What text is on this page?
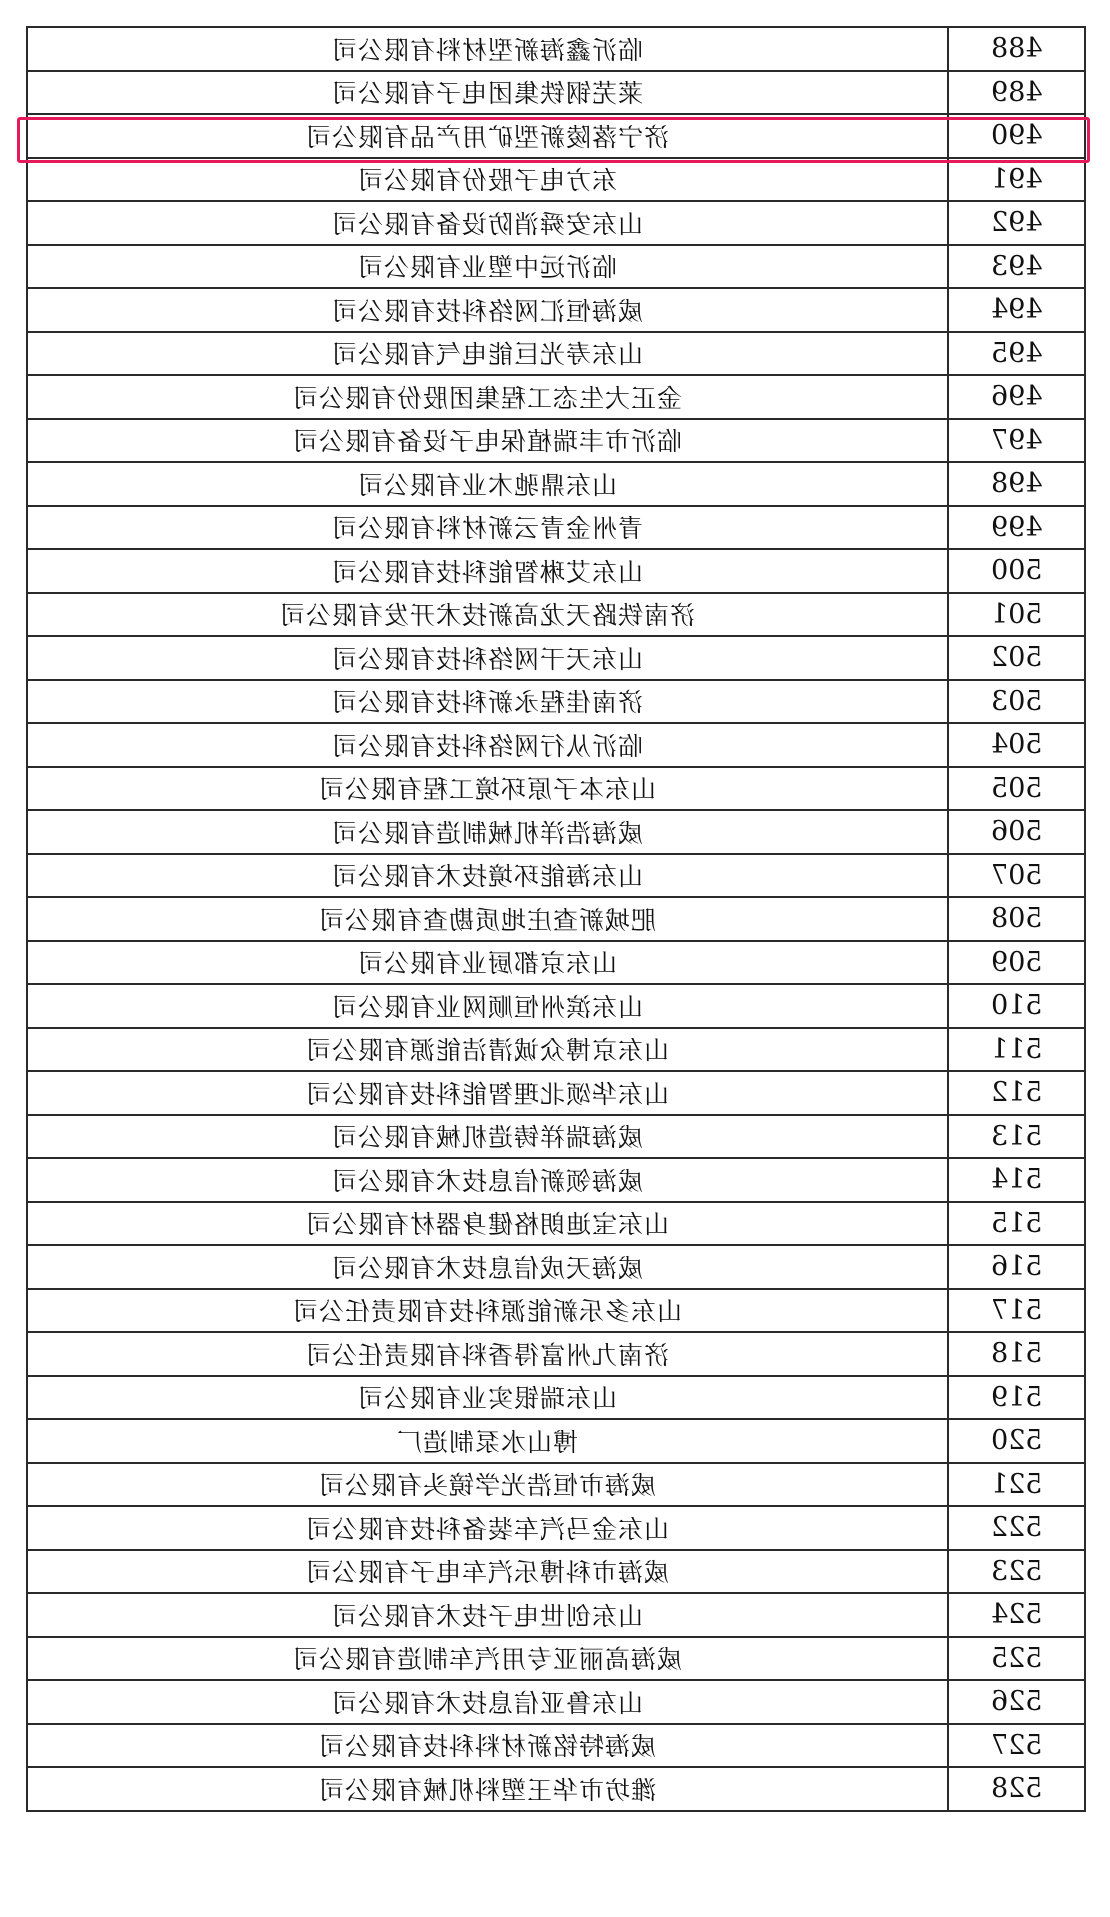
临沂鑫海新型材料有限公司	488
莱芜钢铁集团电子有限公司	489
济宁落陵新型矿用产品有限公司	490
东方电子股份有限公司	491
山东安舜消防设备有限公司	492
临沂远中塑业有限公司	493
威海恒汇网络科技有限公司	494
山东寿光巨能电气有限公司	495
金正大生态工程集团股份有限公司	496
临沂市丰瑞植保电子设备有限公司	497
山东鼎驰木业有限公司	498
青州金青云新材料有限公司	499
山东艾琳智能科技有限公司	500
济南铁路天龙高新技术开发有限公司	501
山东天干网络科技有限公司	502
济南佳程永新科技有限公司	503
临沂从行网络科技有限公司	504
山东本子原环境工程有限公司	505
威海浩洋机械制造有限公司	506
山东海能环境技术有限公司	507
肥城新查庄地质勘查有限公司	508
山东京都厨业有限公司	509
山东滨州恒顺网业有限公司	510
山东京博众诚清洁能源有限公司	511
山东华颂北理智能科技有限公司	512
威海瑞祥铸造机械有限公司	513
威海领新信息技术有限公司	514
山东宝迪朗格健身器材有限公司	515
威海天成信息技术有限公司	516
山东多乐新能源科技有限责任公司	517
济南九州富得香料有限责任公司	518
山东瑞银实业有限公司	519
博山水泵制造厂	520
威海市恒浩光学镜头有限公司	521
山东金马汽车装备科技有限公司	522
威海市科博乐汽车电子有限公司	523
山东创世电子技术有限公司	524
威海高丽亚专用汽车制造有限公司	525
山东鲁亚信息技术有限公司	526
威海特铭新材料科技有限公司	527
潍坊市华王塑料机械有限公司	528
